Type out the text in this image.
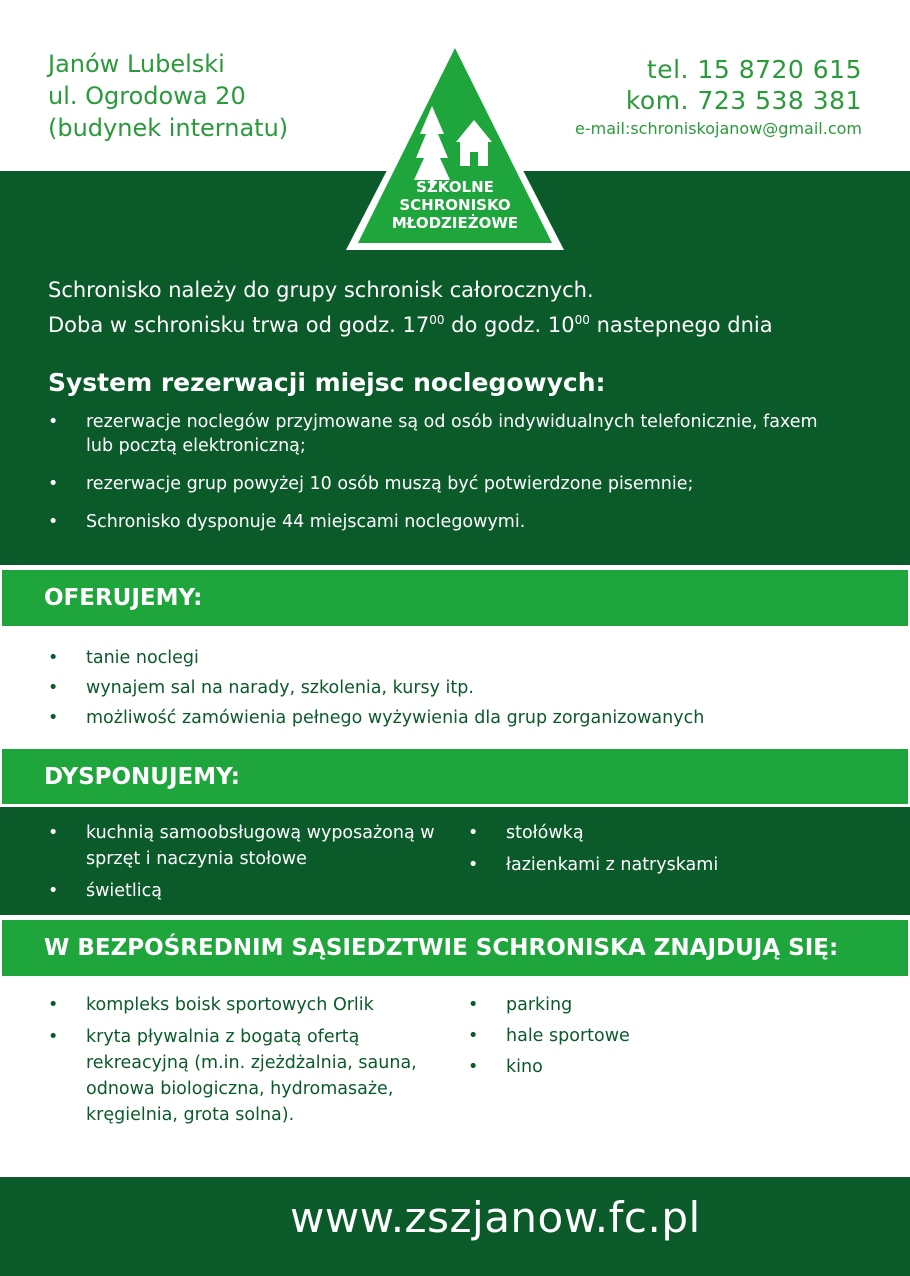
Janów Lubelski
ul. Ogrodowa 20
(budynek internatu)
tel. 15 8720 615
kom. 723 538 381
e-mail:schroniskojanow@gmail.com
SZKOLNE
SCHRONISKO
MŁODZIEŻOWE
Schronisko należy do grupy schronisk całorocznych.
Doba w schronisku trwa od godz. $17^{00}$ do godz. $10^{00}$ nastepnego dnia
System rezerwacji miejsc noclegowych:
• rezerwacje noclegów przyjmowane są od osób indywidualnych telefonicznie, faxem lub pocztą elektroniczną;
• rezerwacje grup powyżej 10 osób muszą być potwierdzone pisemnie;
• Schronisko dysponuje 44 miejscami noclegowymi.
OFERUJEMY:
• tanie noclegi
• wynajem sal na narady, szkolenia, kursy itp.
• możliwość zamówienia pełnego wyżywienia dla grup zorganizowanych
DYSPONUJEMY:
• kuchnią samoobsługową wyposażoną w sprzęt i naczynia stołowe
• świetlicą
• stołówką
• łazienkami z natryskami
W BEZPOŚREDNIM SĄSIEDZTWIE SCHRONISKA ZNAJDUJĄ SIĘ:
• kompleks boisk sportowych Orlik
• kryta pływalnia z bogatą ofertą rekreacyjną (m.in. zjeżdżalnia, sauna, odnowa biologiczna, hydromasaże, kręgielnia, grota solna).
• parking
• hale sportowe
• kino
www.zszjanow.fc.pl
